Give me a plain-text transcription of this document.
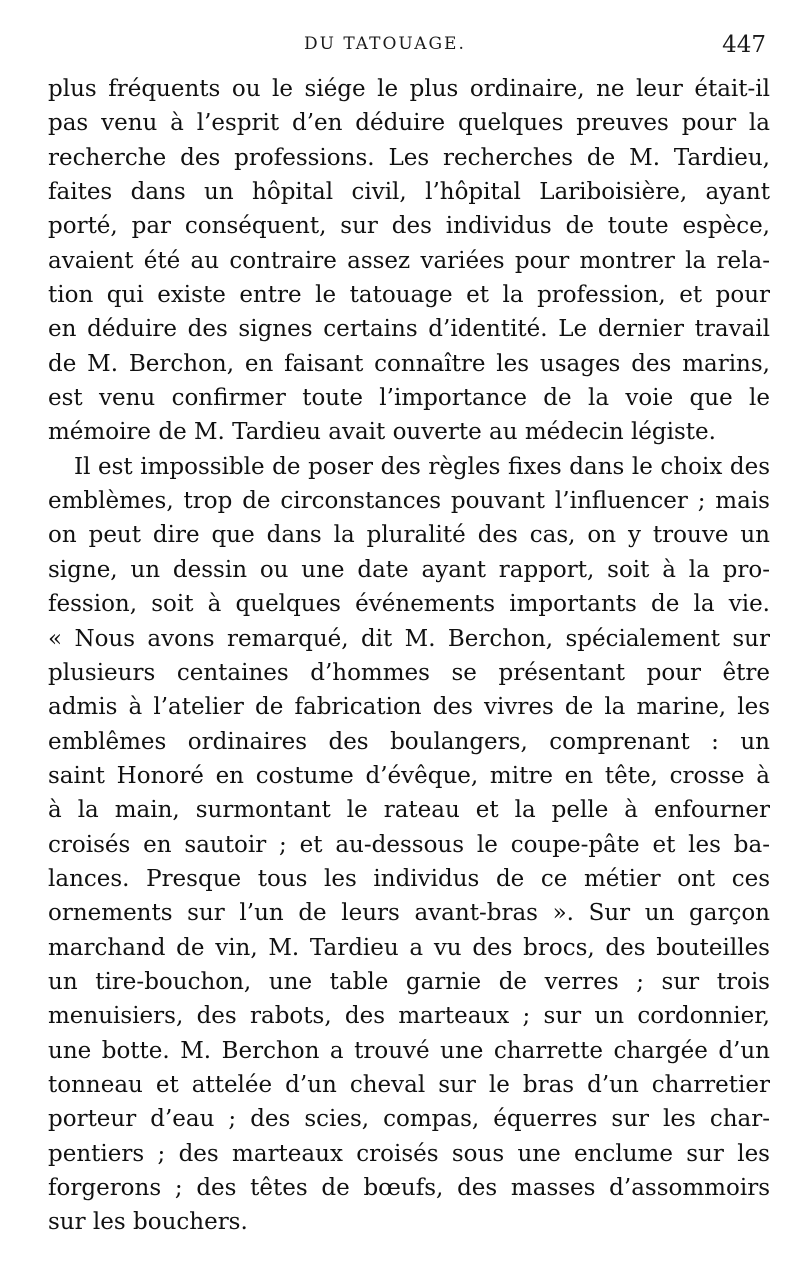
DU TATOUAGE.	447
plus fréquents ou le siége le plus ordinaire, ne leur était-il
pas venu à l’esprit d’en déduire quelques preuves pour la
recherche des professions. Les recherches de M. Tardieu,
faites dans un hôpital civil, l’hôpital Lariboisière, ayant
porté, par conséquent, sur des individus de toute espèce,
avaient été au contraire assez variées pour montrer la rela-
tion qui existe entre le tatouage et la profession, et pour
en déduire des signes certains d’identité. Le dernier travail
de M. Berchon, en faisant connaître les usages des marins,
est venu confirmer toute l’importance de la voie que le
mémoire de M. Tardieu avait ouverte au médecin légiste.
Il est impossible de poser des règles fixes dans le choix des
emblèmes, trop de circonstances pouvant l’influencer ; mais
on peut dire que dans la pluralité des cas, on y trouve un
signe, un dessin ou une date ayant rapport, soit à la pro-
fession, soit à quelques événements importants de la vie.
« Nous avons remarqué, dit M. Berchon, spécialement sur
plusieurs centaines d’hommes se présentant pour être
admis à l’atelier de fabrication des vivres de la marine, les
emblêmes ordinaires des boulangers, comprenant : un
saint Honoré en costume d’évêque, mitre en tête, crosse à
à la main, surmontant le rateau et la pelle à enfourner
croisés en sautoir ; et au-dessous le coupe-pâte et les ba-
lances. Presque tous les individus de ce métier ont ces
ornements sur l’un de leurs avant-bras ». Sur un garçon
marchand de vin, M. Tardieu a vu des brocs, des bouteilles
un tire-bouchon, une table garnie de verres ; sur trois
menuisiers, des rabots, des marteaux ; sur un cordonnier,
une botte. M. Berchon a trouvé une charrette chargée d’un
tonneau et attelée d’un cheval sur le bras d’un charretier
porteur d’eau ; des scies, compas, équerres sur les char-
pentiers ; des marteaux croisés sous une enclume sur les
forgerons ; des têtes de bœufs, des masses d’assommoirs
sur les bouchers.
